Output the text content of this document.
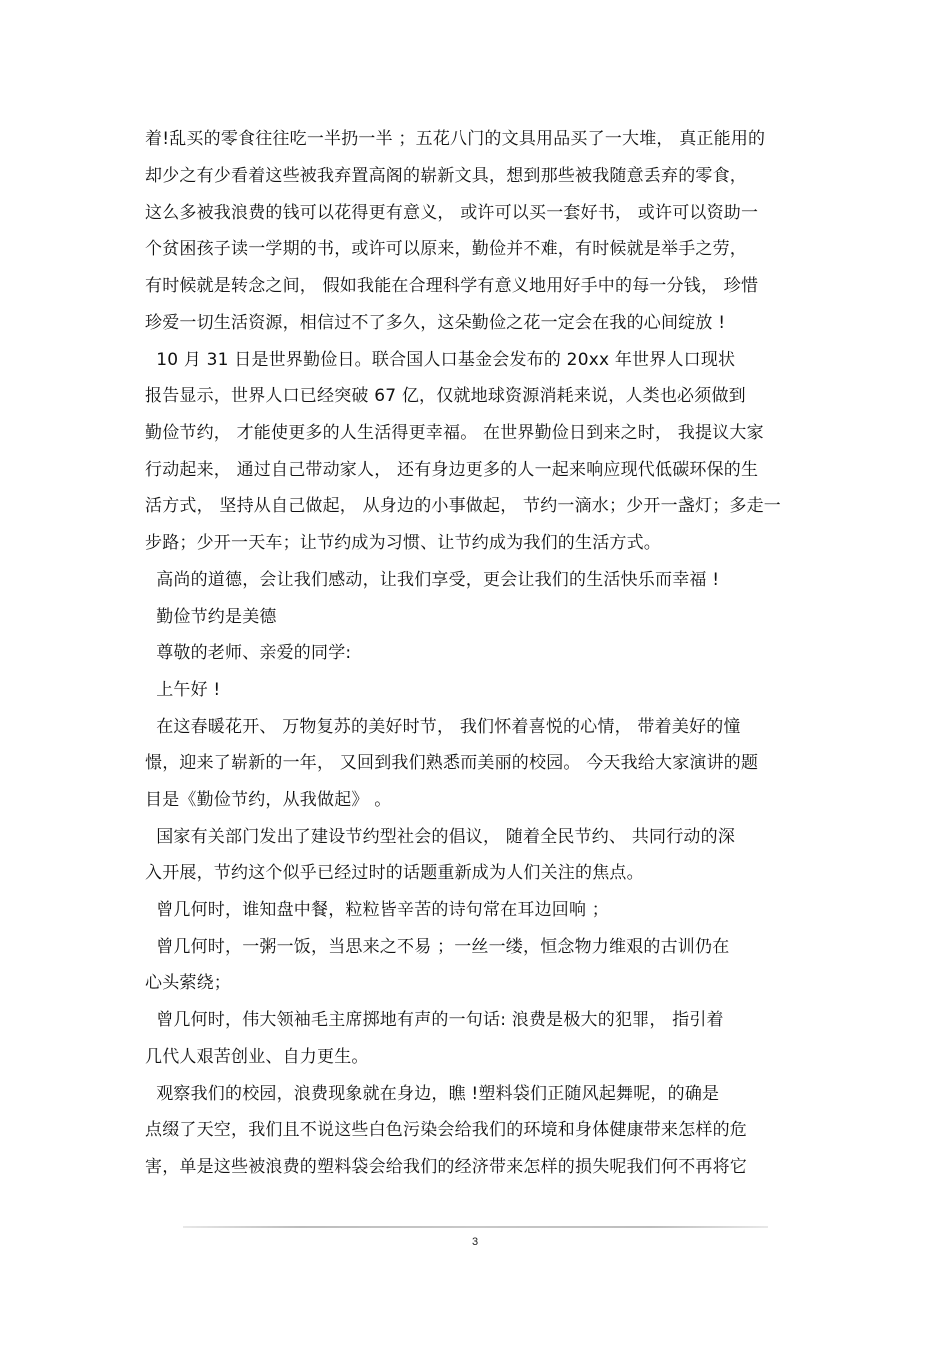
着!乱买的零食往往吃一半扔一半 ；五花八门的文具用品买了一大堆， 真正能用的
却少之有少看着这些被我弃置高阁的崭新文具，想到那些被我随意丢弃的零食，
这么多被我浪费的钱可以花得更有意义， 或许可以买一套好书， 或许可以资助一
个贫困孩子读一学期的书，或许可以原来，勤俭并不难，有时候就是举手之劳，
有时候就是转念之间， 假如我能在合理科学有意义地用好手中的每一分钱， 珍惜
珍爱一切生活资源，相信过不了多久，这朵勤俭之花一定会在我的心间绽放 !
10 月 31 日是世界勤俭日。联合国人口基金会发布的 20xx 年世界人口现状
报告显示，世界人口已经突破 67 亿，仅就地球资源消耗来说，人类也必须做到
勤俭节约， 才能使更多的人生活得更幸福。 在世界勤俭日到来之时， 我提议大家
行动起来， 通过自己带动家人， 还有身边更多的人一起来响应现代低碳环保的生
活方式， 坚持从自己做起， 从身边的小事做起， 节约一滴水；少开一盏灯；多走一
步路；少开一天车；让节约成为习惯、让节约成为我们的生活方式。
高尚的道德，会让我们感动，让我们享受，更会让我们的生活快乐而幸福 !
勤俭节约是美德
尊敬的老师、亲爱的同学:
上午好 !
在这春暖花开、 万物复苏的美好时节， 我们怀着喜悦的心情， 带着美好的憧
憬，迎来了崭新的一年， 又回到我们熟悉而美丽的校园。 今天我给大家演讲的题
目是《勤俭节约，从我做起》 。
国家有关部门发出了建设节约型社会的倡议， 随着全民节约、 共同行动的深
入开展，节约这个似乎已经过时的话题重新成为人们关注的焦点。
曾几何时，谁知盘中餐，粒粒皆辛苦的诗句常在耳边回响 ；
曾几何时，一粥一饭，当思来之不易 ；一丝一缕，恒念物力维艰的古训仍在
心头萦绕；
曾几何时，伟大领袖毛主席掷地有声的一句话: 浪费是极大的犯罪， 指引着
几代人艰苦创业、自力更生。
观察我们的校园，浪费现象就在身边，瞧 !塑料袋们正随风起舞呢，的确是
点缀了天空，我们且不说这些白色污染会给我们的环境和身体健康带来怎样的危
害，单是这些被浪费的塑料袋会给我们的经济带来怎样的损失呢我们何不再将它
3
